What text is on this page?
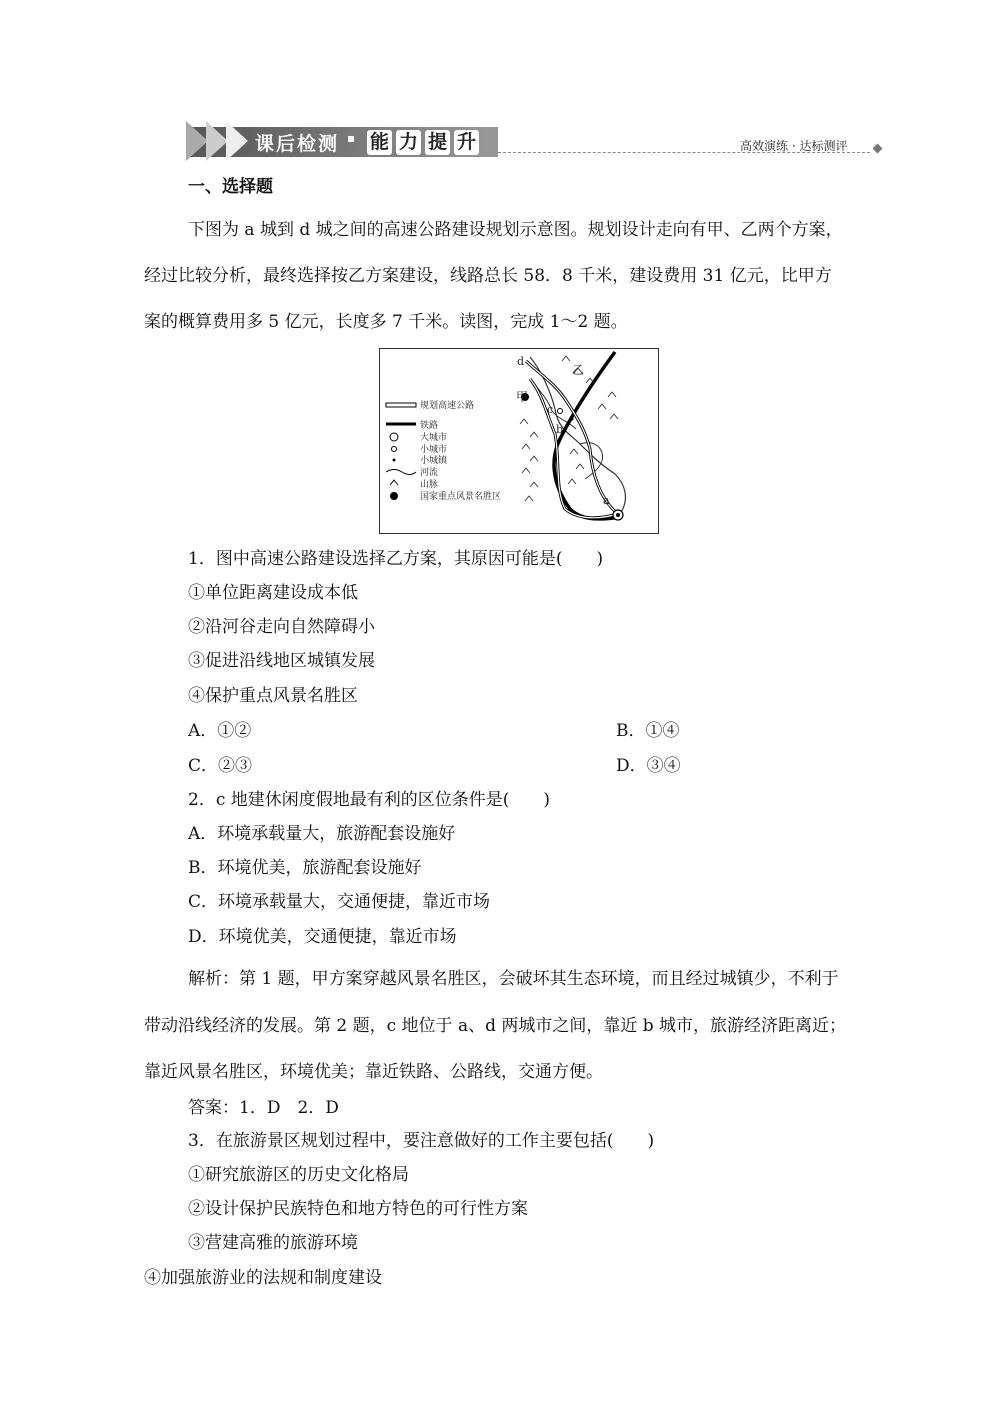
课后检测 ▪ 能 力 提 升	高效演练 · 达标测评
一、选择题
下图为 a 城到 d 城之间的高速公路建设规划示意图。规划设计走向有甲、乙两个方案，
经过比较分析，最终选择按乙方案建设，线路总长 58．8 千米，建设费用 31 亿元，比甲方
案的概算费用多 5 亿元，长度多 7 千米。读图，完成 1～2 题。
d
乙
甲
c
b
a
规划高速公路
铁路
大城市
小城市
小城镇
河流
山脉
国家重点风景名胜区
1．图中高速公路建设选择乙方案，其原因可能是(　　)
①单位距离建设成本低
②沿河谷走向自然障碍小
③促进沿线地区城镇发展
④保护重点风景名胜区
A．①②	B．①④
C．②③	D．③④
2．c 地建休闲度假地最有利的区位条件是(　　)
A．环境承载量大，旅游配套设施好
B．环境优美，旅游配套设施好
C．环境承载量大，交通便捷，靠近市场
D．环境优美，交通便捷，靠近市场
解析：第 1 题，甲方案穿越风景名胜区，会破坏其生态环境，而且经过城镇少，不利于
带动沿线经济的发展。第 2 题，c 地位于 a、d 两城市之间，靠近 b 城市，旅游经济距离近；
靠近风景名胜区，环境优美；靠近铁路、公路线，交通方便。
答案：1．D　2．D
3．在旅游景区规划过程中，要注意做好的工作主要包括(　　)
①研究旅游区的历史文化格局
②设计保护民族特色和地方特色的可行性方案
③营建高雅的旅游环境
④加强旅游业的法规和制度建设
